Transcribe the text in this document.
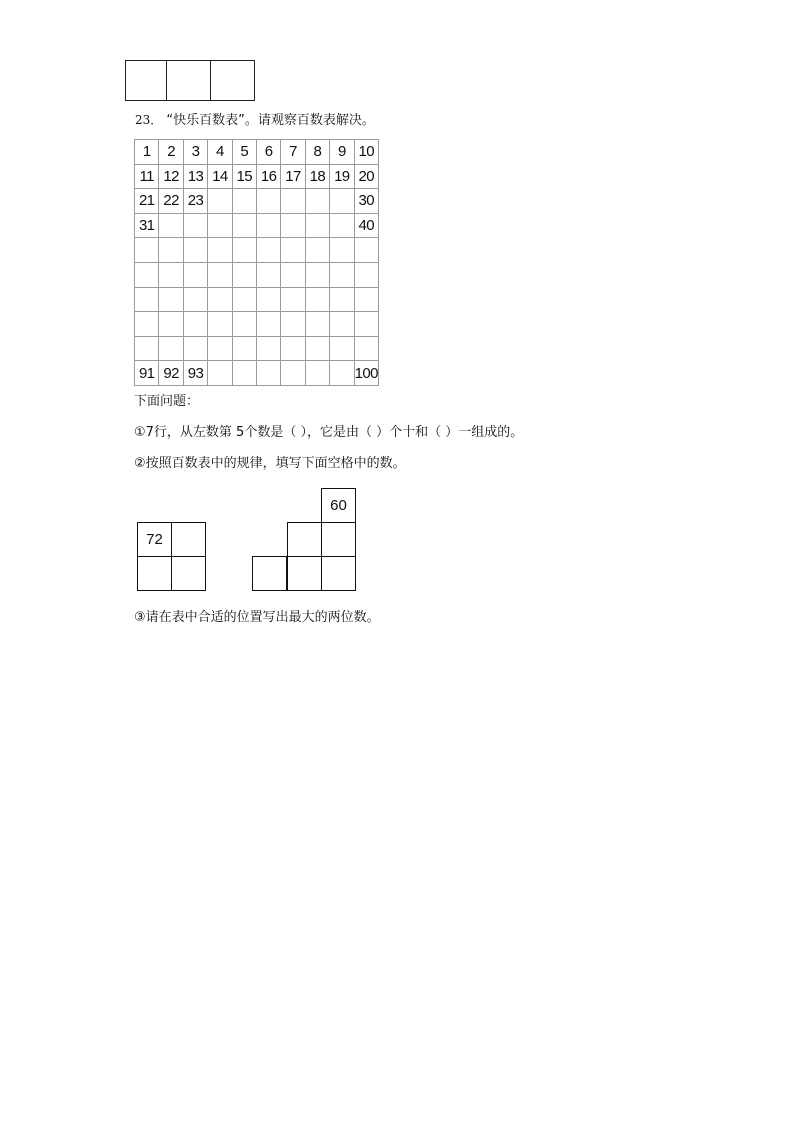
23． “快乐百数表”。请观察百数表解决。
1	2	3	4	5	6	7	8	9	10
11	12	13	14	15	16	17	18	19	20
21	22	23							30
31									40

91	92	93							100
下面问题：
①7行，从左数第 5个数是（ ），它是由（ ）个十和（ ）一组成的。
②按照百数表中的规律，填写下面空格中的数。
72
60
③请在表中合适的位置写出最大的两位数。
